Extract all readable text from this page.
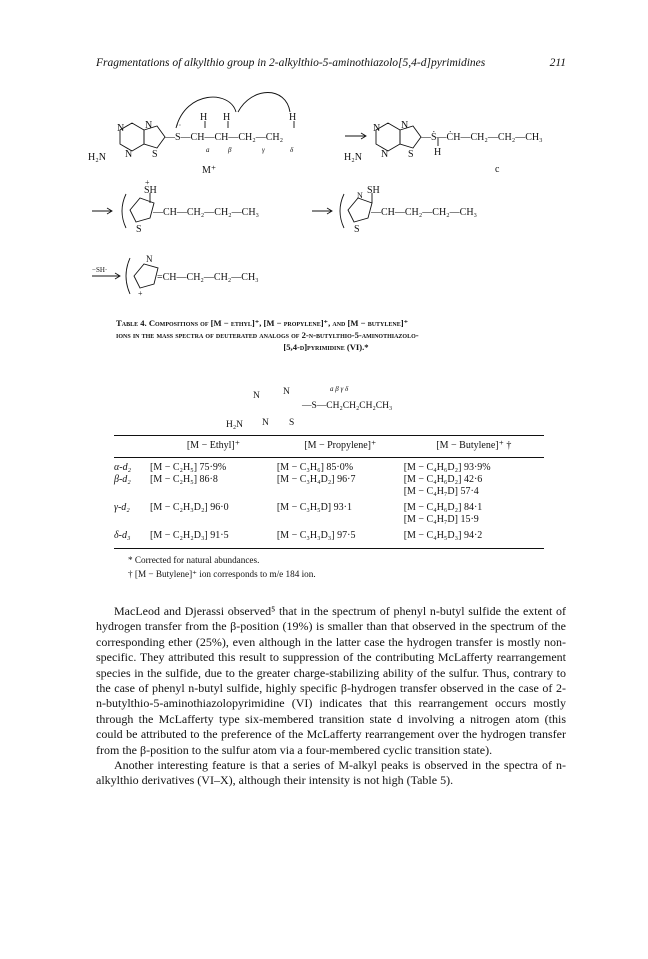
Fragmentations of alkylthio group in 2-alkylthio-5-aminothiazolo[5,4-d]pyrimidines	211
N N
N S
H₂N
··
H H	H
—S—CH—CH—CH₂—CH₂
a	β	γ	δ
M⁺
N N
N S
H₂N
—Ṡ—ĊH—CH₂—CH₂—CH₃
H
c
+
SH
S
—CH—CH₂—CH₂—CH₃
N SH
S
—CH—CH₂—CH₂—CH₃
−SH·
N
+
=CH—CH₂—CH₂—CH₃
Table 4. Compositions of [M − ethyl]⁺, [M − propylene]⁺, and [M − butylene]⁺
ions in the mass spectra of deuterated analogs of 2-n-butylthio-5-aminothiazolo-

[5,4-d]pyrimidine (VI).*
N N
N S
H₂N
—S—CH₂CH₂CH₂CH₃
a β γ δ
	[M − Ethyl]⁺	[M − Propylene]⁺	[M − Butylene]⁺ †
α-d₂	[M − C₂H₅] 75·9%	[M − C₃H₆] 85·0%	[M − C₄H₆D₂] 93·9%
β-d₂	[M − C₂H₅] 86·8	[M − C₃H₄D₂] 96·7	[M − C₄H₆D₂] 42·6
			[M − C₄H₇D] 57·4
γ-d₂	[M − C₂H₃D₂] 96·0	[M − C₃H₅D] 93·1	[M − C₄H₆D₂] 84·1
			[M − C₄H₇D] 15·9
δ-d₃	[M − C₂H₂D₃] 91·5	[M − C₃H₃D₃] 97·5	[M − C₄H₅D₃] 94·2
* Corrected for natural abundances.
† [M − Butylene]⁺ ion corresponds to m/e 184 ion.

MacLeod and Djerassi observed⁵ that in the spectrum of phenyl n-butyl sulfide the extent of hydrogen transfer from the β-position (19%) is smaller than that observed in the spectrum of the corresponding ether (25%), even although in the latter case the hydrogen transfer is mostly non-specific. They attributed this result to suppression of the contributing McLafferty rearrangement species in the sulfide, due to the greater charge-stabilizing ability of the sulfur. Thus, contrary to the case of phenyl n-butyl sulfide, highly specific β-hydrogen transfer observed in the case of 2-n-butylthio-5-aminothiazolopyrimidine (VI) indicates that this rearrangement occurs mostly through the McLafferty type six-membered transition state d involving a nitrogen atom (this could be attributed to the preference of the McLafferty rearrangement over the hydrogen transfer from the β-position to the sulfur atom via a four-membered cyclic transition state).

Another interesting feature is that a series of M-alkyl peaks is observed in the spectra of n-alkylthio derivatives (VI–X), although their intensity is not high (Table 5).
